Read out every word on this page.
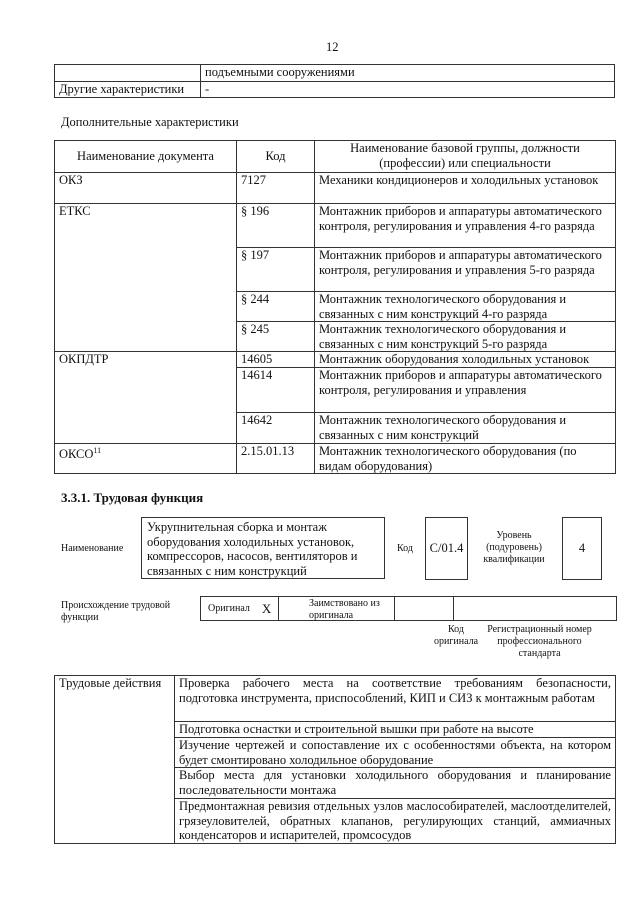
12
	подъемными сооружениями
Другие характеристики	-
Дополнительные характеристики
Наименование документа	Код	Наименование базовой группы, должности (профессии) или специальности
ОКЗ	7127	Механики кондиционеров и холодильных установок
ЕТКС	§ 196	Монтажник приборов и аппаратуры автоматического контроля, регулирования и управления 4-го разряда
	§ 197	Монтажник приборов и аппаратуры автоматического контроля, регулирования и управления 5-го разряда
	§ 244	Монтажник технологического оборудования и связанных с ним конструкций 4-го разряда
	§ 245	Монтажник технологического оборудования и связанных с ним конструкций 5-го разряда
ОКПДТР	14605	Монтажник оборудования холодильных установок
	14614	Монтажник приборов и аппаратуры автоматического контроля, регулирования и управления
	14642	Монтажник технологического оборудования и связанных с ним конструкций
ОКСО$^{11}$	2.15.01.13	Монтажник технологического оборудования (по видам оборудования)
3.3.1. Трудовая функция
Наименование
Укрупнительная сборка и монтаж оборудования холодильных установок, компрессоров, насосов, вентиляторов и связанных с ним конструкций
Код	C/01.4
Уровень (подуровень) квалификации
4
Происхождение трудовой функции
Оригинал X	Заимствовано из оригинала
Код оригинала
Регистрационный номер профессионального стандарта
Трудовые действия	Проверка рабочего места на соответствие требованиям безопасности, подготовка инструмента, приспособлений, КИП и СИЗ к монтажным работам
Подготовка оснастки и строительной вышки при работе на высоте
Изучение чертежей и сопоставление их с особенностями объекта, на котором будет смонтировано холодильное оборудование
Выбор места для установки холодильного оборудования и планирование последовательности монтажа
Предмонтажная ревизия отдельных узлов маслособирателей, маслоотделителей, грязеуловителей, обратных клапанов, регулирующих станций, аммиачных конденсаторов и испарителей, промсосудов
